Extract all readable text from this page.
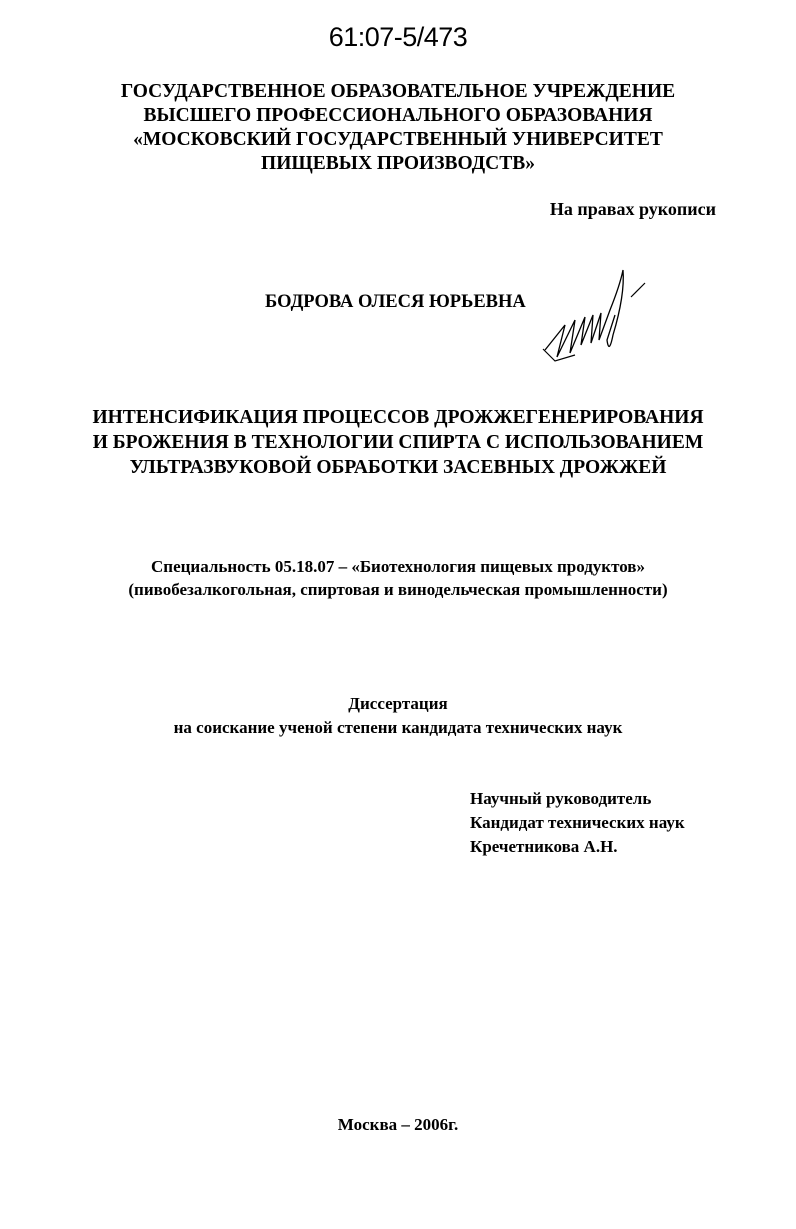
61:07-5/473
ГОСУДАРСТВЕННОЕ ОБРАЗОВАТЕЛЬНОЕ УЧРЕЖДЕНИЕ
ВЫСШЕГО ПРОФЕССИОНАЛЬНОГО ОБРАЗОВАНИЯ
«МОСКОВСКИЙ ГОСУДАРСТВЕННЫЙ УНИВЕРСИТЕТ
ПИЩЕВЫХ ПРОИЗВОДСТВ»
На правах рукописи
БОДРОВА ОЛЕСЯ ЮРЬЕВНА
ИНТЕНСИФИКАЦИЯ ПРОЦЕССОВ ДРОЖЖЕГЕНЕРИРОВАНИЯ
И БРОЖЕНИЯ В ТЕХНОЛОГИИ СПИРТА С ИСПОЛЬЗОВАНИЕМ
УЛЬТРАЗВУКОВОЙ ОБРАБОТКИ ЗАСЕВНЫХ ДРОЖЖЕЙ
Специальность 05.18.07 – «Биотехнология пищевых продуктов»
(пивобезалкогольная, спиртовая и винодельческая промышленности)
Диссертация
на соискание ученой степени кандидата технических наук
Научный руководитель
Кандидат технических наук
Кречетникова А.Н.
Москва – 2006г.
